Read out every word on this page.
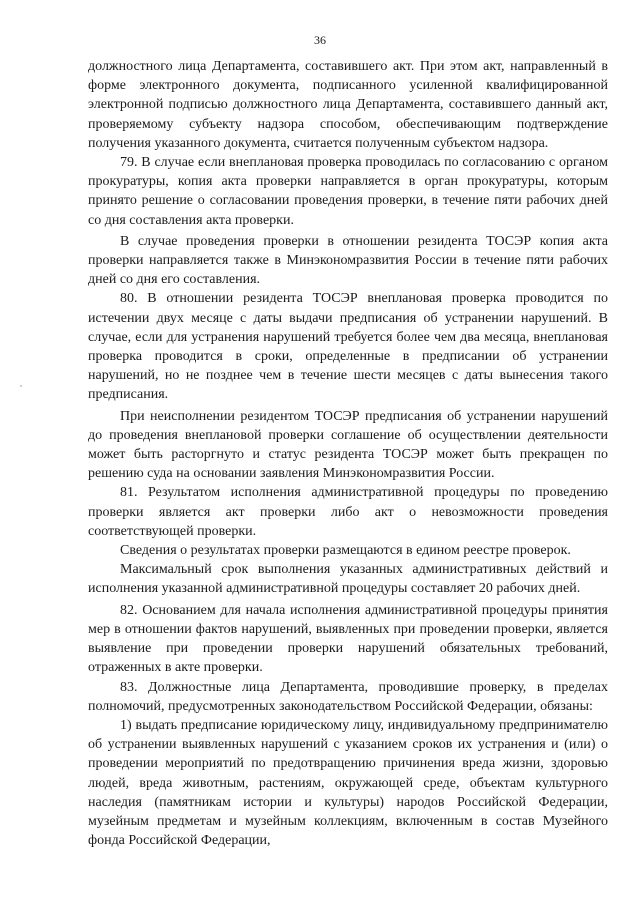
36

должностного лица Департамента, составившего акт. При этом акт, направленный в форме электронного документа, подписанного усиленной квалифицированной электронной подписью должностного лица Департамента, составившего данный акт, проверяемому субъекту надзора способом, обеспечивающим подтверждение получения указанного документа, считается полученным субъектом надзора.

79. В случае если внеплановая проверка проводилась по согласованию с органом прокуратуры, копия акта проверки направляется в орган прокуратуры, которым принято решение о согласовании проведения проверки, в течение пяти рабочих дней со дня составления акта проверки.

В случае проведения проверки в отношении резидента ТОСЭР копия акта проверки направляется также в Минэкономразвития России в течение пяти рабочих дней со дня его составления.

80. В отношении резидента ТОСЭР внеплановая проверка проводится по истечении двух месяце с даты выдачи предписания об устранении нарушений. В случае, если для устранения нарушений требуется более чем два месяца, внеплановая проверка проводится в сроки, определенные в предписании об устранении нарушений, но не позднее чем в течение шести месяцев с даты вынесения такого предписания.

При неисполнении резидентом ТОСЭР предписания об устранении нарушений до проведения внеплановой проверки соглашение об осуществлении деятельности может быть расторгнуто и статус резидента ТОСЭР может быть прекращен по решению суда на основании заявления Минэкономразвития России.

81. Результатом исполнения административной процедуры по проведению проверки является акт проверки либо акт о невозможности проведения соответствующей проверки.

Сведения о результатах проверки размещаются в едином реестре проверок.

Максимальный срок выполнения указанных административных действий и исполнения указанной административной процедуры составляет 20 рабочих дней.

82. Основанием для начала исполнения административной процедуры принятия мер в отношении фактов нарушений, выявленных при проведении проверки, является выявление при проведении проверки нарушений обязательных требований, отраженных в акте проверки.

83. Должностные лица Департамента, проводившие проверку, в пределах полномочий, предусмотренных законодательством Российской Федерации, обязаны:

1) выдать предписание юридическому лицу, индивидуальному предпринимателю об устранении выявленных нарушений с указанием сроков их устранения и (или) о проведении мероприятий по предотвращению причинения вреда жизни, здоровью людей, вреда животным, растениям, окружающей среде, объектам культурного наследия (памятникам истории и культуры) народов Российской Федерации, музейным предметам и музейным коллекциям, включенным в состав Музейного фонда Российской Федерации,
